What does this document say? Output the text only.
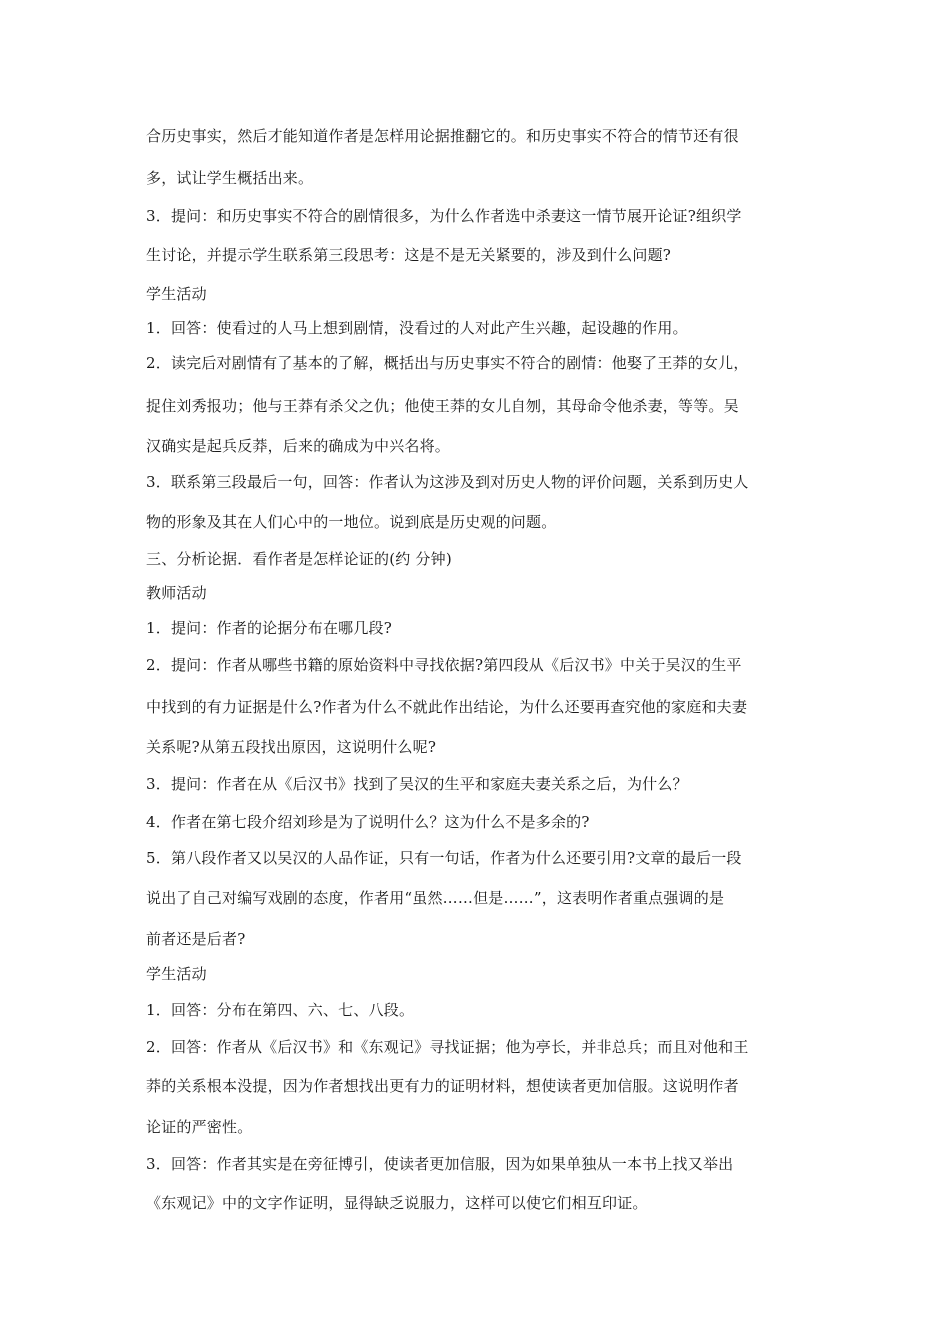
合历史事实，然后才能知道作者是怎样用论据推翻它的。和历史事实不符合的情节还有很
多，试让学生概括出来。
3．提问：和历史事实不符合的剧情很多，为什么作者选中杀妻这一情节展开论证?组织学
生讨论，并提示学生联系第三段思考：这是不是无关紧要的，涉及到什么问题?
学生活动
1．回答：使看过的人马上想到剧情，没看过的人对此产生兴趣，起设趣的作用。
2．读完后对剧情有了基本的了解，概括出与历史事实不符合的剧情：他娶了王莽的女儿，
捉住刘秀报功；他与王莽有杀父之仇；他使王莽的女儿自刎，其母命令他杀妻，等等。吴
汉确实是起兵反莽，后来的确成为中兴名将。
3．联系第三段最后一句，回答：作者认为这涉及到对历史人物的评价问题，关系到历史人
物的形象及其在人们心中的一地位。说到底是历史观的问题。
三、分析论据．看作者是怎样论证的(约 分钟)
教师活动
1．提问：作者的论据分布在哪几段?
2．提问：作者从哪些书籍的原始资料中寻找依据?第四段从《后汉书》中关于吴汉的生平
中找到的有力证据是什么?作者为什么不就此作出结论，为什么还要再查究他的家庭和夫妻
关系呢?从第五段找出原因，这说明什么呢?
3．提问：作者在从《后汉书》找到了吴汉的生平和家庭夫妻关系之后，为什么？
4．作者在第七段介绍刘珍是为了说明什么？这为什么不是多余的?
5．第八段作者又以吴汉的人品作证，只有一句话，作者为什么还要引用?文章的最后一段
说出了自己对编写戏剧的态度，作者用“虽然……但是……”，这表明作者重点强调的是
前者还是后者?
学生活动
1．回答：分布在第四、六、七、八段。
2．回答：作者从《后汉书》和《东观记》寻找证据；他为亭长，并非总兵；而且对他和王
莽的关系根本没提，因为作者想找出更有力的证明材料，想使读者更加信服。这说明作者
论证的严密性。
3．回答：作者其实是在旁征博引，使读者更加信服，因为如果单独从一本书上找又举出
《东观记》中的文字作证明，显得缺乏说服力，这样可以使它们相互印证。
